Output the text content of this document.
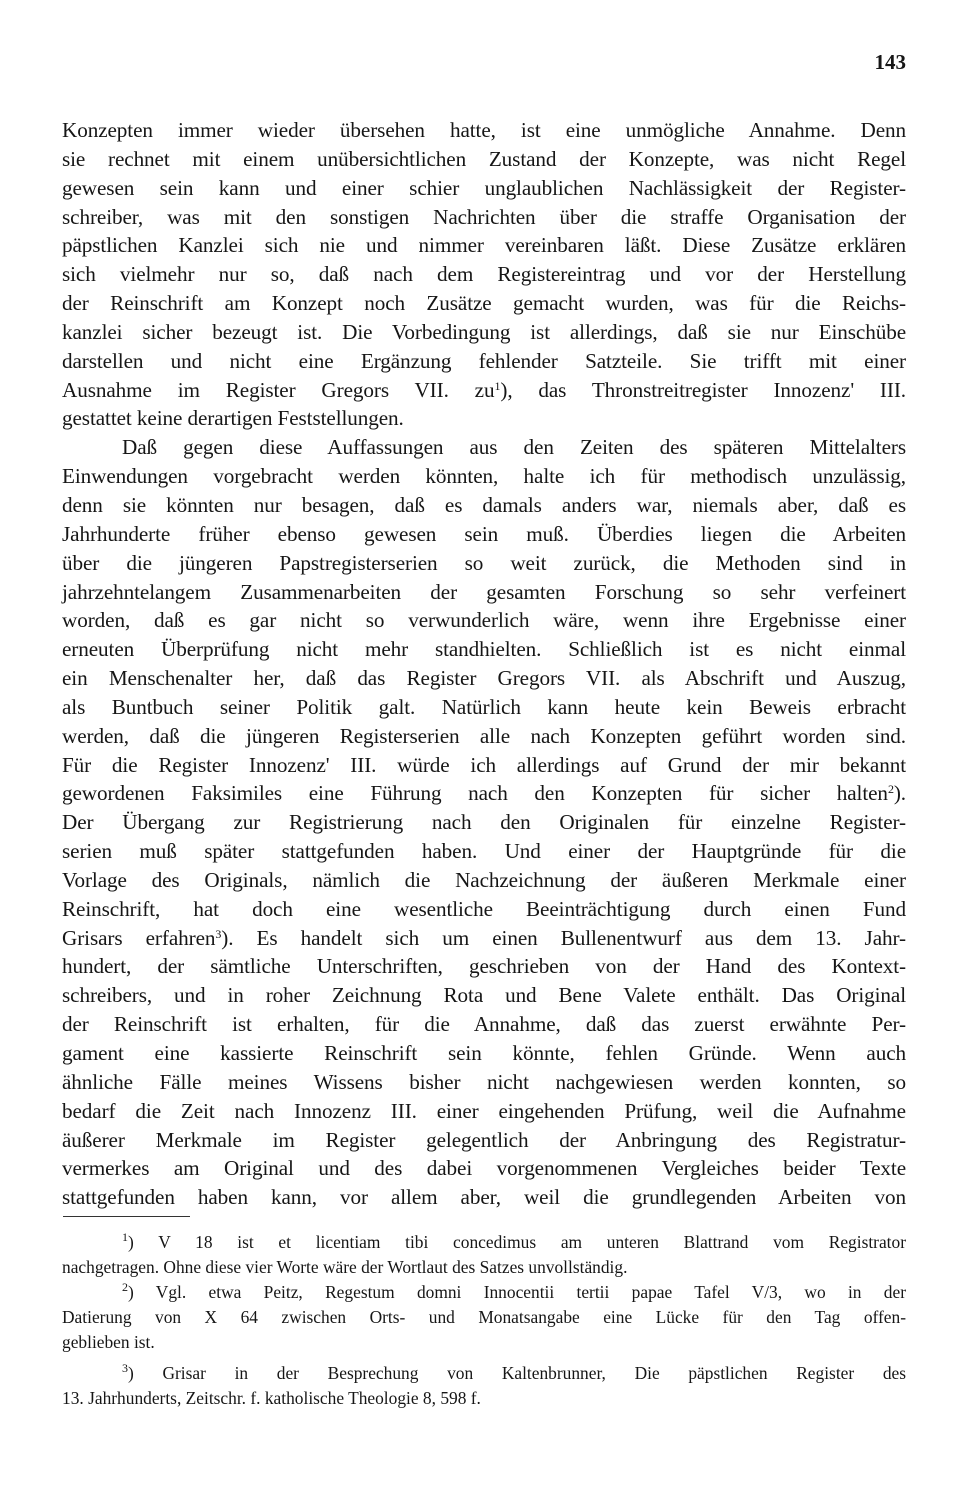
143
Konzepten immer wieder übersehen hatte, ist eine unmögliche Annahme. Denn
sie rechnet mit einem unübersichtlichen Zustand der Konzepte, was nicht Regel
gewesen sein kann und einer schier unglaublichen Nachlässigkeit der Register-
schreiber, was mit den sonstigen Nachrichten über die straffe Organisation der
päpstlichen Kanzlei sich nie und nimmer vereinbaren läßt. Diese Zusätze erklären
sich vielmehr nur so, daß nach dem Registereintrag und vor der Herstellung
der Reinschrift am Konzept noch Zusätze gemacht wurden, was für die Reichs-
kanzlei sicher bezeugt ist. Die Vorbedingung ist allerdings, daß sie nur Einschübe
darstellen und nicht eine Ergänzung fehlender Satzteile. Sie trifft mit einer
Ausnahme im Register Gregors VII. $zu^1$), das Thronstreitregister Innozenz' III.
gestattet keine derartigen Feststellungen.
Daß gegen diese Auffassungen aus den Zeiten des späteren Mittelalters
Einwendungen vorgebracht werden könnten, halte ich für methodisch unzulässig,
denn sie könnten nur besagen, daß es damals anders war, niemals aber, daß es
Jahrhunderte früher ebenso gewesen sein muß. Überdies liegen die Arbeiten
über die jüngeren Papstregisterserien so weit zurück, die Methoden sind in
jahrzehntelangem Zusammenarbeiten der gesamten Forschung so sehr verfeinert
worden, daß es gar nicht so verwunderlich wäre, wenn ihre Ergebnisse einer
erneuten Überprüfung nicht mehr standhielten. Schließlich ist es nicht einmal
ein Menschenalter her, daß das Register Gregors VII. als Abschrift und Auszug,
als Buntbuch seiner Politik galt. Natürlich kann heute kein Beweis erbracht
werden, daß die jüngeren Registerserien alle nach Konzepten geführt worden sind.
Für die Register Innozenz' III. würde ich allerdings auf Grund der mir bekannt
gewordenen Faksimiles eine Führung nach den Konzepten für sicher halten$^2$).
Der Übergang zur Registrierung nach den Originalen für einzelne Register-
serien muß später stattgefunden haben. Und einer der Hauptgründe für die
Vorlage des Originals, nämlich die Nachzeichnung der äußeren Merkmale einer
Reinschrift, hat doch eine wesentliche Beeinträchtigung durch einen Fund
Grisars erfahren$^3$). Es handelt sich um einen Bullenentwurf aus dem 13. Jahr-
hundert, der sämtliche Unterschriften, geschrieben von der Hand des Kontext-
schreibers, und in roher Zeichnung Rota und Bene Valete enthält. Das Original
der Reinschrift ist erhalten, für die Annahme, daß das zuerst erwähnte Per-
gament eine kassierte Reinschrift sein könnte, fehlen Gründe. Wenn auch
ähnliche Fälle meines Wissens bisher nicht nachgewiesen werden konnten, so
bedarf die Zeit nach Innozenz III. einer eingehenden Prüfung, weil die Aufnahme
äußerer Merkmale im Register gelegentlich der Anbringung des Registratur-
vermerkes am Original und des dabei vorgenommenen Vergleiches beider Texte
stattgefunden haben kann, vor allem aber, weil die grundlegenden Arbeiten von
$^1$) V 18 ist et licentiam tibi concedimus am unteren Blattrand vom Registrator
nachgetragen. Ohne diese vier Worte wäre der Wortlaut des Satzes unvollständig.
$^2$) Vgl. etwa Peitz, Regestum domni Innocentii tertii papae Tafel V/3, wo in der
Datierung von X 64 zwischen Orts- und Monatsangabe eine Lücke für den Tag offen-
geblieben ist.
$^3$) Grisar in der Besprechung von Kaltenbrunner, Die päpstlichen Register des
13. Jahrhunderts, Zeitschr. f. katholische Theologie 8, 598 f.
